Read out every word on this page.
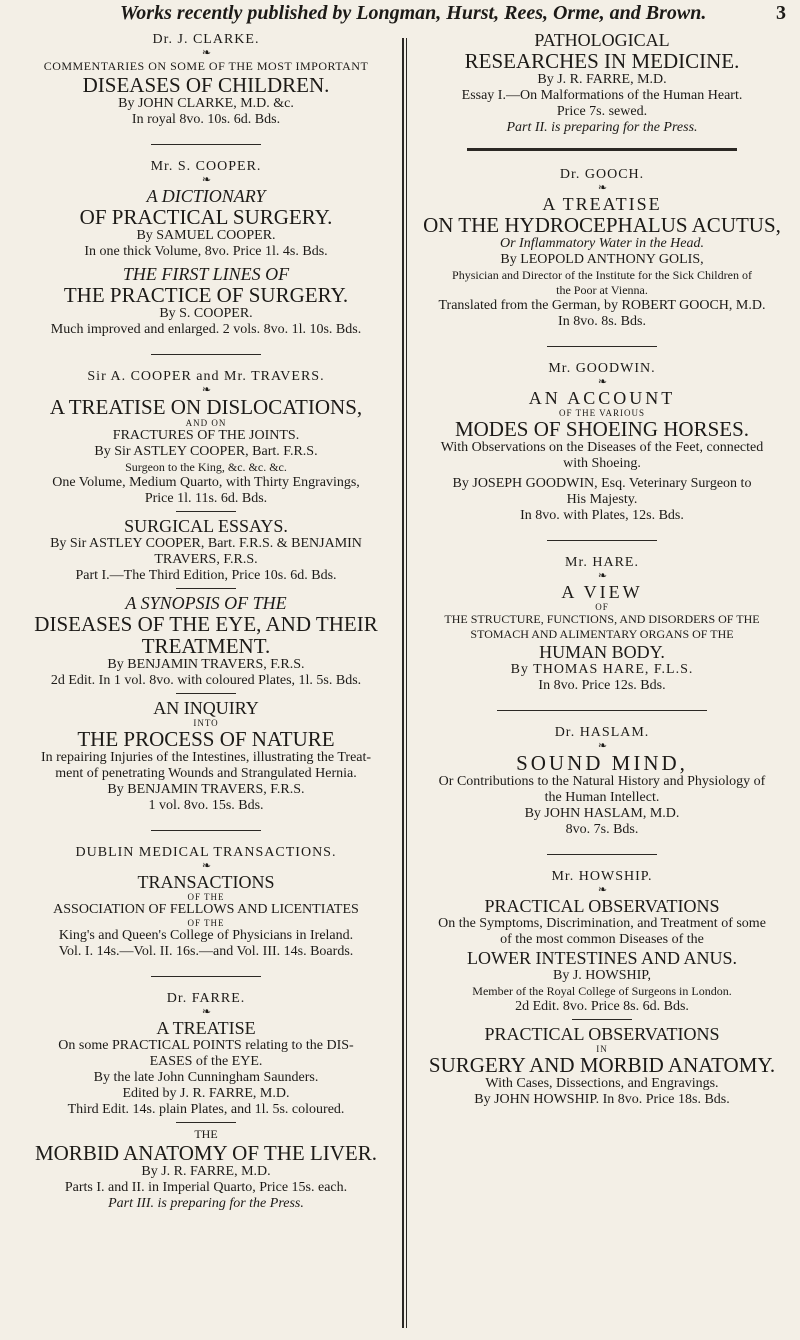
Works recently published by Longman, Hurst, Rees, Orme, and Brown.	3
Dr. J. CLARKE.
❧
COMMENTARIES ON SOME OF THE MOST IMPORTANT
DISEASES OF CHILDREN.
By JOHN CLARKE, M.D. &c.
In royal 8vo. 10s. 6d. Bds.
Mr. S. COOPER.
❧
A DICTIONARY
OF PRACTICAL SURGERY.
By SAMUEL COOPER.
In one thick Volume, 8vo. Price 1l. 4s. Bds.
THE FIRST LINES OF
THE PRACTICE OF SURGERY.
By S. COOPER.
Much improved and enlarged. 2 vols. 8vo. 1l. 10s. Bds.
Sir A. COOPER and Mr. TRAVERS.
❧
A TREATISE ON DISLOCATIONS,
AND ON
FRACTURES OF THE JOINTS.
By Sir ASTLEY COOPER, Bart. F.R.S.
Surgeon to the King, &c. &c. &c.
One Volume, Medium Quarto, with Thirty Engravings,
Price 1l. 11s. 6d. Bds.
SURGICAL ESSAYS.
By Sir ASTLEY COOPER, Bart. F.R.S. & BENJAMIN
TRAVERS, F.R.S.
Part I.—The Third Edition, Price 10s. 6d. Bds.
A SYNOPSIS OF THE
DISEASES OF THE EYE, AND THEIR
TREATMENT.
By BENJAMIN TRAVERS, F.R.S.
2d Edit. In 1 vol. 8vo. with coloured Plates, 1l. 5s. Bds.
AN INQUIRY
INTO
THE PROCESS OF NATURE
In repairing Injuries of the Intestines, illustrating the Treat-
ment of penetrating Wounds and Strangulated Hernia.
By BENJAMIN TRAVERS, F.R.S.
1 vol. 8vo. 15s. Bds.
DUBLIN MEDICAL TRANSACTIONS.
❧
TRANSACTIONS
OF THE
ASSOCIATION OF FELLOWS AND LICENTIATES
OF THE
King's and Queen's College of Physicians in Ireland.
Vol. I. 14s.—Vol. II. 16s.—and Vol. III. 14s. Boards.
Dr. FARRE.
❧
A TREATISE
On some PRACTICAL POINTS relating to the DIS-
EASES of the EYE.
By the late John Cunningham Saunders.
Edited by J. R. FARRE, M.D.
Third Edit. 14s. plain Plates, and 1l. 5s. coloured.
THE
MORBID ANATOMY OF THE LIVER.
By J. R. FARRE, M.D.
Parts I. and II. in Imperial Quarto, Price 15s. each.
Part III. is preparing for the Press.
PATHOLOGICAL
RESEARCHES IN MEDICINE.
By J. R. FARRE, M.D.
Essay I.—On Malformations of the Human Heart.
Price 7s. sewed.
Part II. is preparing for the Press.
Dr. GOOCH.
❧
A TREATISE
ON THE HYDROCEPHALUS ACUTUS,
Or Inflammatory Water in the Head.
By LEOPOLD ANTHONY GOLIS,
Physician and Director of the Institute for the Sick Children of
the Poor at Vienna.
Translated from the German, by ROBERT GOOCH, M.D.
In 8vo. 8s. Bds.
Mr. GOODWIN.
❧
AN ACCOUNT
OF THE VARIOUS
MODES OF SHOEING HORSES.
With Observations on the Diseases of the Feet, connected
with Shoeing.
By JOSEPH GOODWIN, Esq. Veterinary Surgeon to
His Majesty.
In 8vo. with Plates, 12s. Bds.
Mr. HARE.
❧
A VIEW
OF
THE STRUCTURE, FUNCTIONS, AND DISORDERS OF THE
STOMACH AND ALIMENTARY ORGANS OF THE
HUMAN BODY.
By THOMAS HARE, F.L.S.
In 8vo. Price 12s. Bds.
Dr. HASLAM.
❧
SOUND MIND,
Or Contributions to the Natural History and Physiology of
the Human Intellect.
By JOHN HASLAM, M.D.
8vo. 7s. Bds.
Mr. HOWSHIP.
❧
PRACTICAL OBSERVATIONS
On the Symptoms, Discrimination, and Treatment of some
of the most common Diseases of the
LOWER INTESTINES AND ANUS.
By J. HOWSHIP,
Member of the Royal College of Surgeons in London.
2d Edit. 8vo. Price 8s. 6d. Bds.
PRACTICAL OBSERVATIONS
IN
SURGERY AND MORBID ANATOMY.
With Cases, Dissections, and Engravings.
By JOHN HOWSHIP. In 8vo. Price 18s. Bds.
